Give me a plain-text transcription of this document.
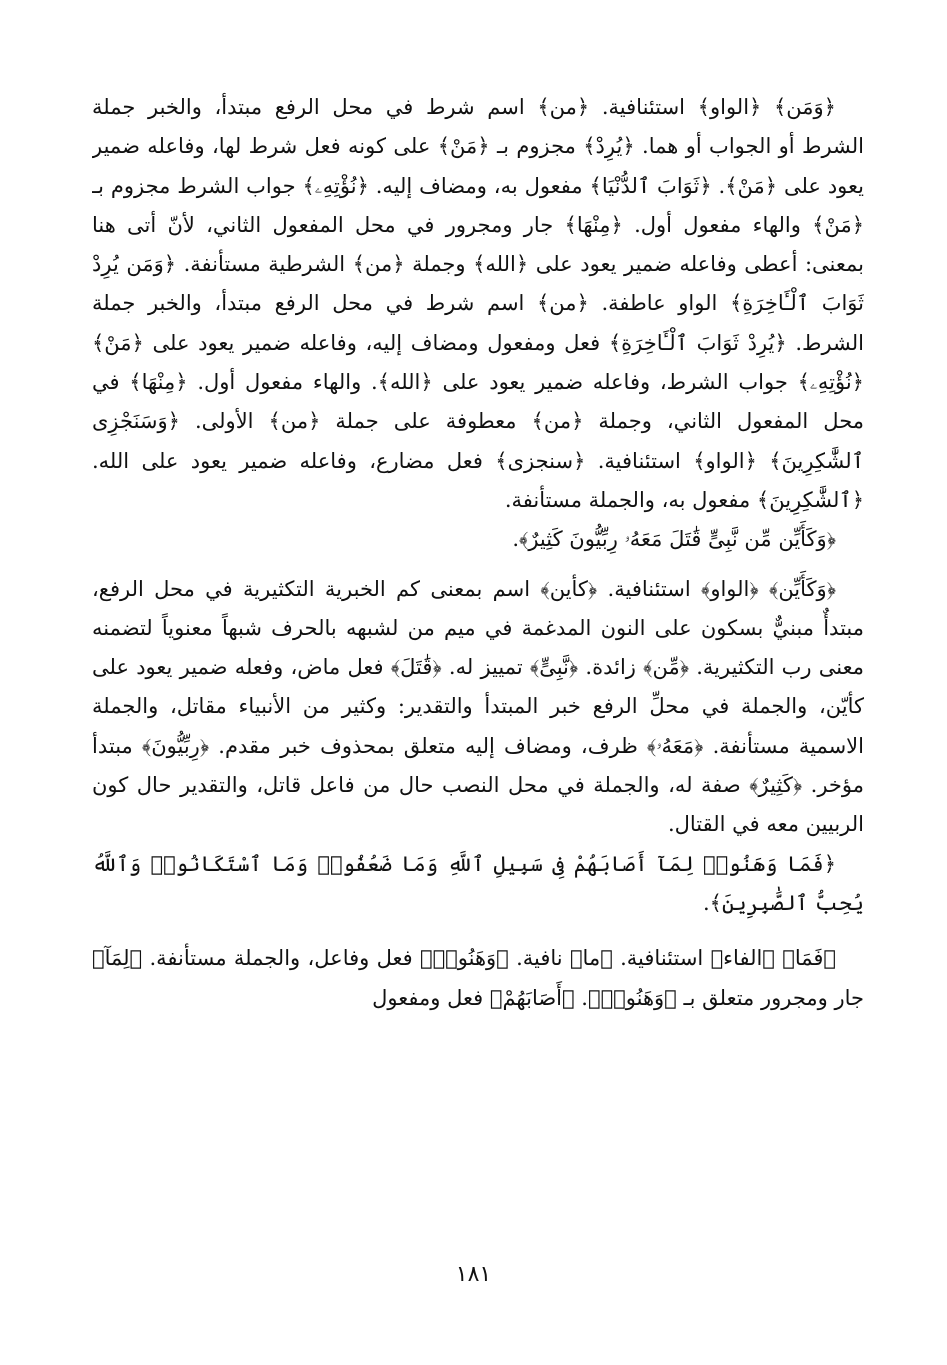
﴿وَمَن﴾ ﴿الواو﴾ استئنافية. ﴿من﴾ اسم شرط في محل الرفع مبتدأ، والخبر جملة الشرط أو الجواب أو هما. ﴿يُرِدْ﴾ مجزوم بـ ﴿مَنْ﴾ على كونه فعل شرط لها، وفاعله ضمير يعود على ﴿مَنْ﴾. ﴿ثَوَابَ ٱلدُّنْيَا﴾ مفعول به، ومضاف إليه. ﴿نُؤْتِهِۦ﴾ جواب الشرط مجزوم بـ ﴿مَنْ﴾ والهاء مفعول أول. ﴿مِنْهَا﴾ جار ومجرور في محل المفعول الثاني، لأنّ أتى هنا بمعنى: أعطى وفاعله ضمير يعود على ﴿الله﴾ وجملة ﴿من﴾ الشرطية مستأنفة. ﴿وَمَن يُرِدْ ثَوَابَ ٱلْـَٔاخِرَةِ﴾ الواو عاطفة. ﴿من﴾ اسم شرط في محل الرفع مبتدأ، والخبر جملة الشرط. ﴿يُرِدْ ثَوَابَ ٱلْـَٔاخِرَةِ﴾ فعل ومفعول ومضاف إليه، وفاعله ضمير يعود على ﴿مَنْ﴾ ﴿نُؤْتِهِۦ﴾ جواب الشرط، وفاعله ضمير يعود على ﴿الله﴾. والهاء مفعول أول. ﴿مِنْهَا﴾ في محل المفعول الثاني، وجملة ﴿من﴾ معطوفة على جملة ﴿من﴾ الأولى. ﴿وَسَنَجْزِى ٱلشَّٰكِرِينَ﴾ ﴿الواو﴾ استئنافية. ﴿سنجزى﴾ فعل مضارع، وفاعله ضمير يعود على الله. ﴿ٱلشَّٰكِرِينَ﴾ مفعول به، والجملة مستأنفة.

﴿وَكَأَيِّن مِّن نَّبِىٍّ قَٰتَلَ مَعَهُۥ رِبِّيُّونَ كَثِيرٌ﴾.

﴿وَكَأَيِّن﴾ ﴿الواو﴾ استئنافية. ﴿كأين﴾ اسم بمعنى كم الخبرية التكثيرية في محل الرفع، مبتدأٌ مبنيٌّ بسكون على النون المدغمة في ميم من لشبهه بالحرف شبهاً معنوياً لتضمنه معنى رب التكثيرية. ﴿مِّن﴾ زائدة. ﴿نَّبِىٍّ﴾ تمييز له. ﴿قَٰتَلَ﴾ فعل ماض، وفعله ضمير يعود على كأيّن، والجملة في محلِّ الرفع خبر المبتدأ والتقدير: وكثير من الأنبياء مقاتل، والجملة الاسمية مستأنفة. ﴿مَعَهُۥ﴾ ظرف، ومضاف إليه متعلق بمحذوف خبر مقدم. ﴿رِبِّيُّونَ﴾ مبتدأ مؤخر. ﴿كَثِيرٌ﴾ صفة له، والجملة في محل النصب حال من فاعل قاتل، والتقدير حال كون الربيين معه في القتال.

﴿فَمَا وَهَنُوا۟ لِمَآ أَصَابَهُمْ فِى سَبِيلِ ٱللَّهِ وَمَا ضَعُفُوا۟ وَمَا ٱسْتَكَانُوا۟ وَٱللَّهُ يُحِبُّ ٱلصَّٰبِرِينَ﴾.

﴿فَمَا﴾ ﴿الفاء﴾ استئنافية. ﴿ما﴾ نافية. ﴿وَهَنُوا۟﴾ فعل وفاعل، والجملة مستأنفة. ﴿لِمَآ﴾ جار ومجرور متعلق بـ ﴿وَهَنُوا۟﴾. ﴿أَصَابَهُمْ﴾ فعل ومفعول

١٨١
